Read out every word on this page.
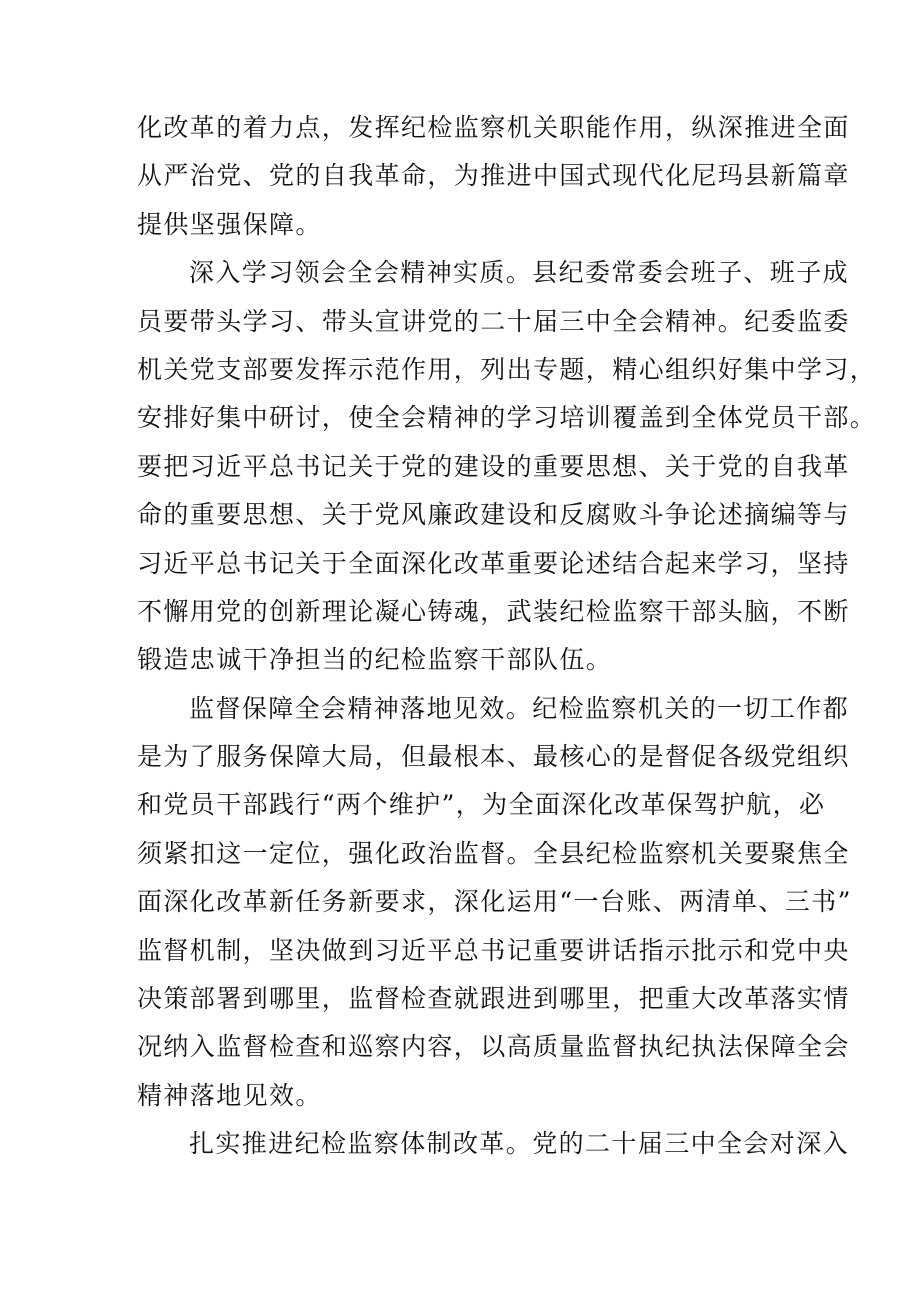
化改革的着力点，发挥纪检监察机关职能作用，纵深推进全面
从严治党、党的自我革命，为推进中国式现代化尼玛县新篇章
提供坚强保障。
深入学习领会全会精神实质。县纪委常委会班子、班子成
员要带头学习、带头宣讲党的二十届三中全会精神。纪委监委
机关党支部要发挥示范作用，列出专题，精心组织好集中学习，
安排好集中研讨，使全会精神的学习培训覆盖到全体党员干部。
要把习近平总书记关于党的建设的重要思想、关于党的自我革
命的重要思想、关于党风廉政建设和反腐败斗争论述摘编等与
习近平总书记关于全面深化改革重要论述结合起来学习，坚持
不懈用党的创新理论凝心铸魂，武装纪检监察干部头脑，不断
锻造忠诚干净担当的纪检监察干部队伍。
监督保障全会精神落地见效。纪检监察机关的一切工作都
是为了服务保障大局，但最根本、最核心的是督促各级党组织
和党员干部践行“两个维护”，为全面深化改革保驾护航，必
须紧扣这一定位，强化政治监督。全县纪检监察机关要聚焦全
面深化改革新任务新要求，深化运用“一台账、两清单、三书”
监督机制，坚决做到习近平总书记重要讲话指示批示和党中央
决策部署到哪里，监督检查就跟进到哪里，把重大改革落实情
况纳入监督检查和巡察内容，以高质量监督执纪执法保障全会
精神落地见效。
扎实推进纪检监察体制改革。党的二十届三中全会对深入
